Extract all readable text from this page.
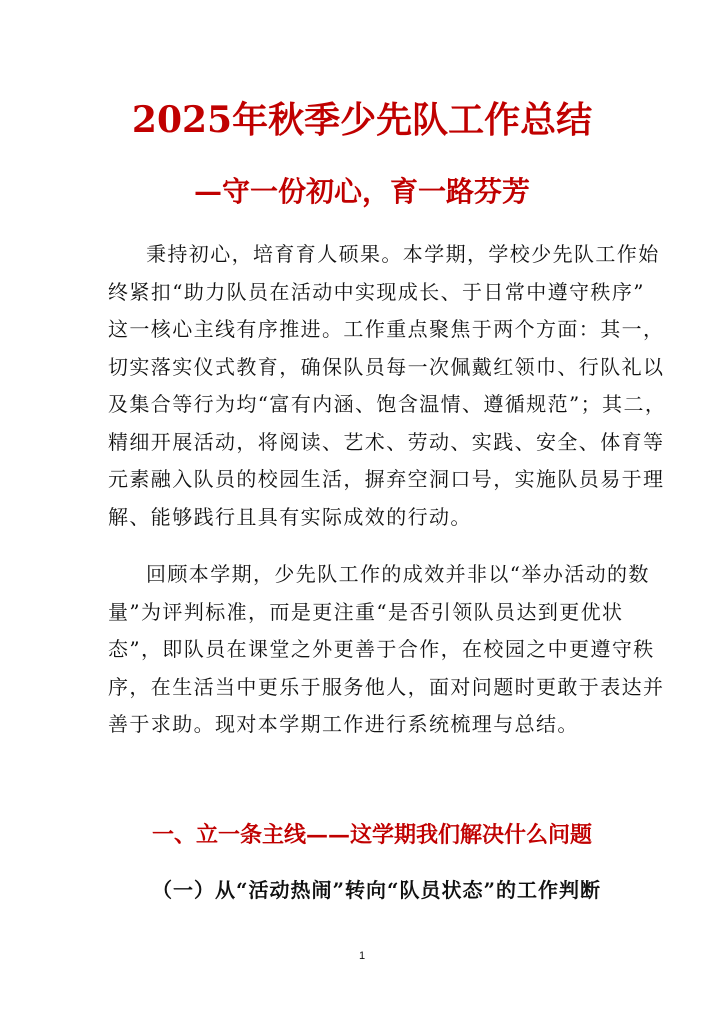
2025年秋季少先队工作总结
—守一份初心，育一路芬芳
秉持初心，培育育人硕果。本学期，学校少先队工作始
终紧扣“助力队员在活动中实现成长、于日常中遵守秩序”
这一核心主线有序推进。工作重点聚焦于两个方面：其一，
切实落实仪式教育，确保队员每一次佩戴红领巾、行队礼以
及集合等行为均“富有内涵、饱含温情、遵循规范”；其二，
精细开展活动，将阅读、艺术、劳动、实践、安全、体育等
元素融入队员的校园生活，摒弃空洞口号，实施队员易于理
解、能够践行且具有实际成效的行动。
回顾本学期，少先队工作的成效并非以“举办活动的数
量”为评判标准，而是更注重“是否引领队员达到更优状
态”，即队员在课堂之外更善于合作，在校园之中更遵守秩
序，在生活当中更乐于服务他人，面对问题时更敢于表达并
善于求助。现对本学期工作进行系统梳理与总结。
一、立一条主线——这学期我们解决什么问题
（一）从“活动热闹”转向“队员状态”的工作判断
1
